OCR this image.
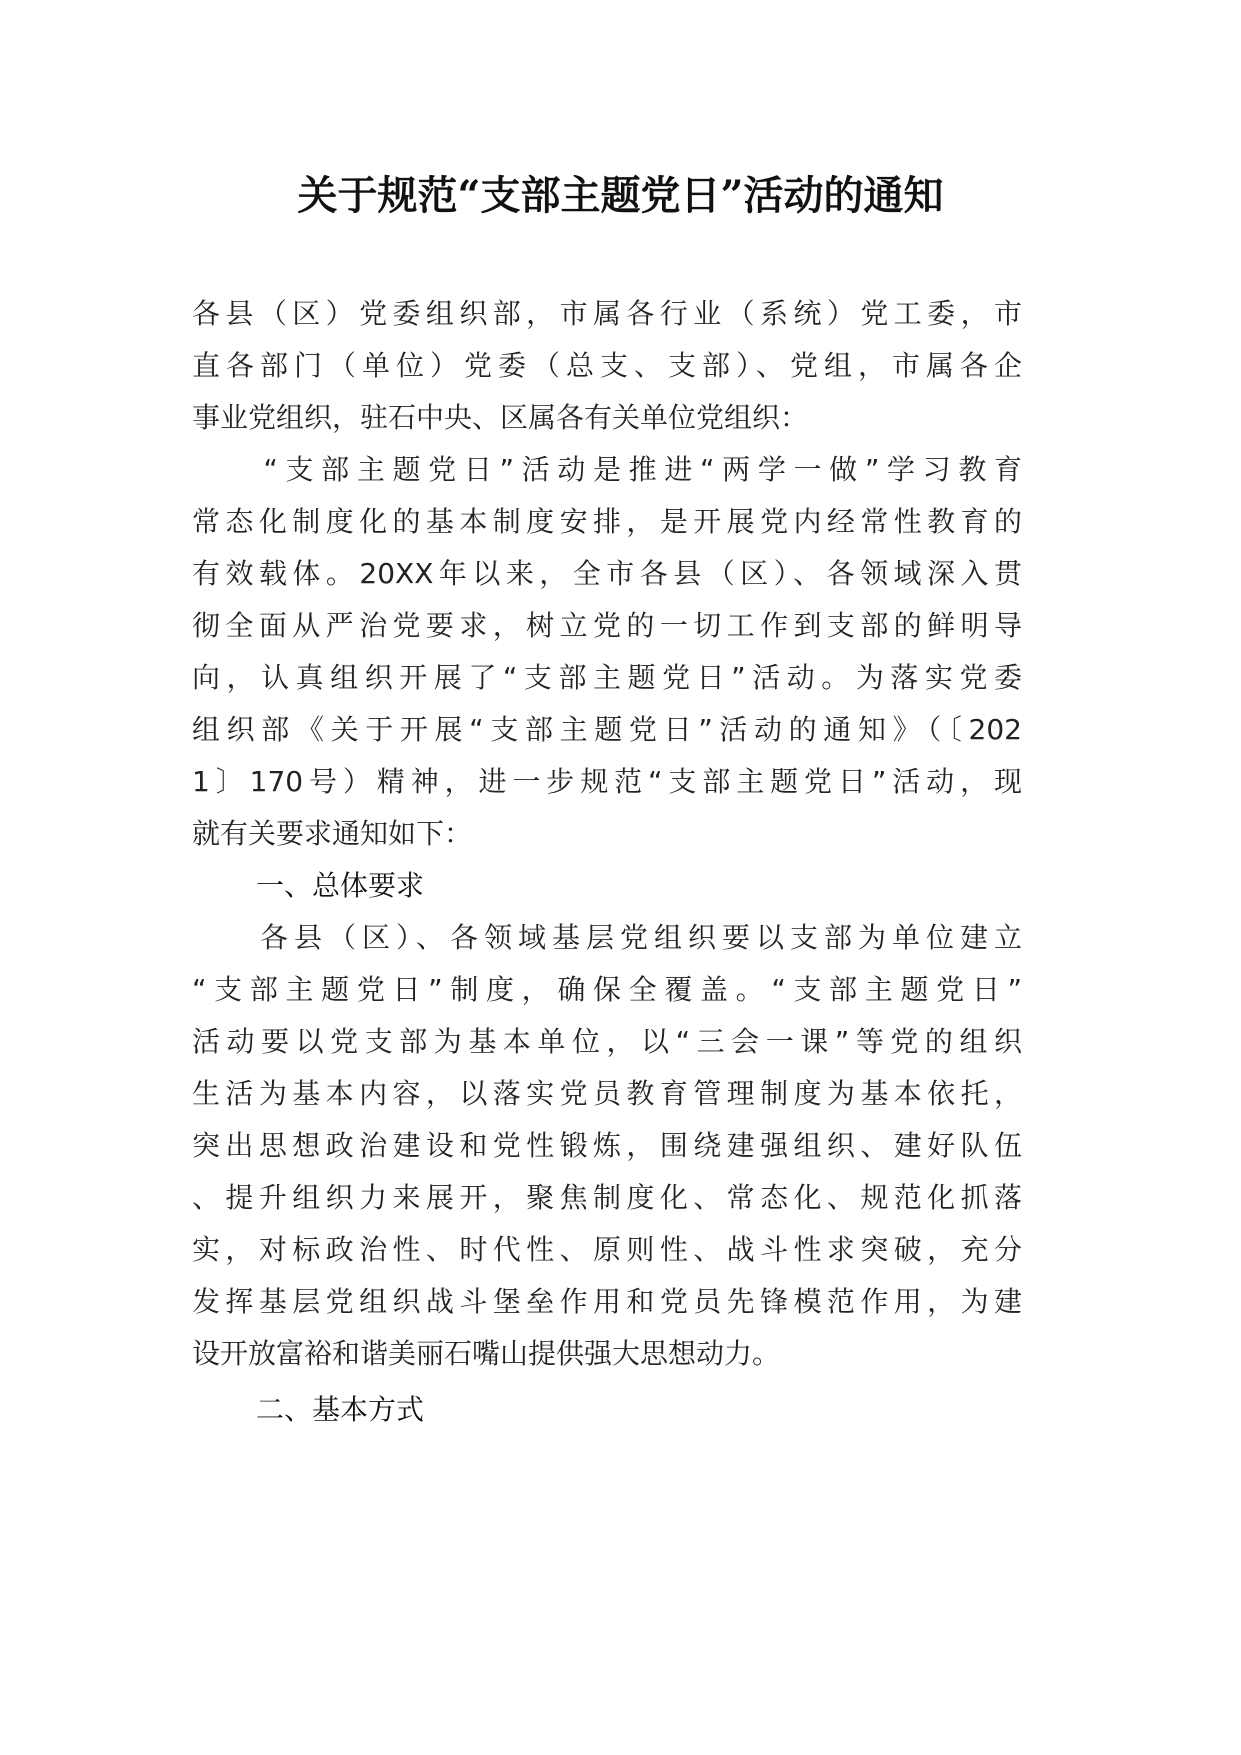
关于规范“支部主题党日”活动的通知
各县（区）党委组织部，市属各行业（系统）党工委，市
直各部门（单位）党委（总支、支部）、党组，市属各企
事业党组织，驻石中央、区属各有关单位党组织：
　　“支部主题党日”活动是推进“两学一做”学习教育
常态化制度化的基本制度安排，是开展党内经常性教育的
有效载体。20XX年以来，全市各县（区）、各领域深入贯
彻全面从严治党要求，树立党的一切工作到支部的鲜明导
向，认真组织开展了“支部主题党日”活动。为落实党委
组织部《关于开展“支部主题党日”活动的通知》（〔202
1〕170号）精神，进一步规范“支部主题党日”活动，现
就有关要求通知如下：
一、总体要求
　　各县（区）、各领域基层党组织要以支部为单位建立
“支部主题党日”制度，确保全覆盖。“支部主题党日”
活动要以党支部为基本单位，以“三会一课”等党的组织
生活为基本内容，以落实党员教育管理制度为基本依托，
突出思想政治建设和党性锻炼，围绕建强组织、建好队伍
、提升组织力来展开，聚焦制度化、常态化、规范化抓落
实，对标政治性、时代性、原则性、战斗性求突破，充分
发挥基层党组织战斗堡垒作用和党员先锋模范作用，为建
设开放富裕和谐美丽石嘴山提供强大思想动力。
二、基本方式
